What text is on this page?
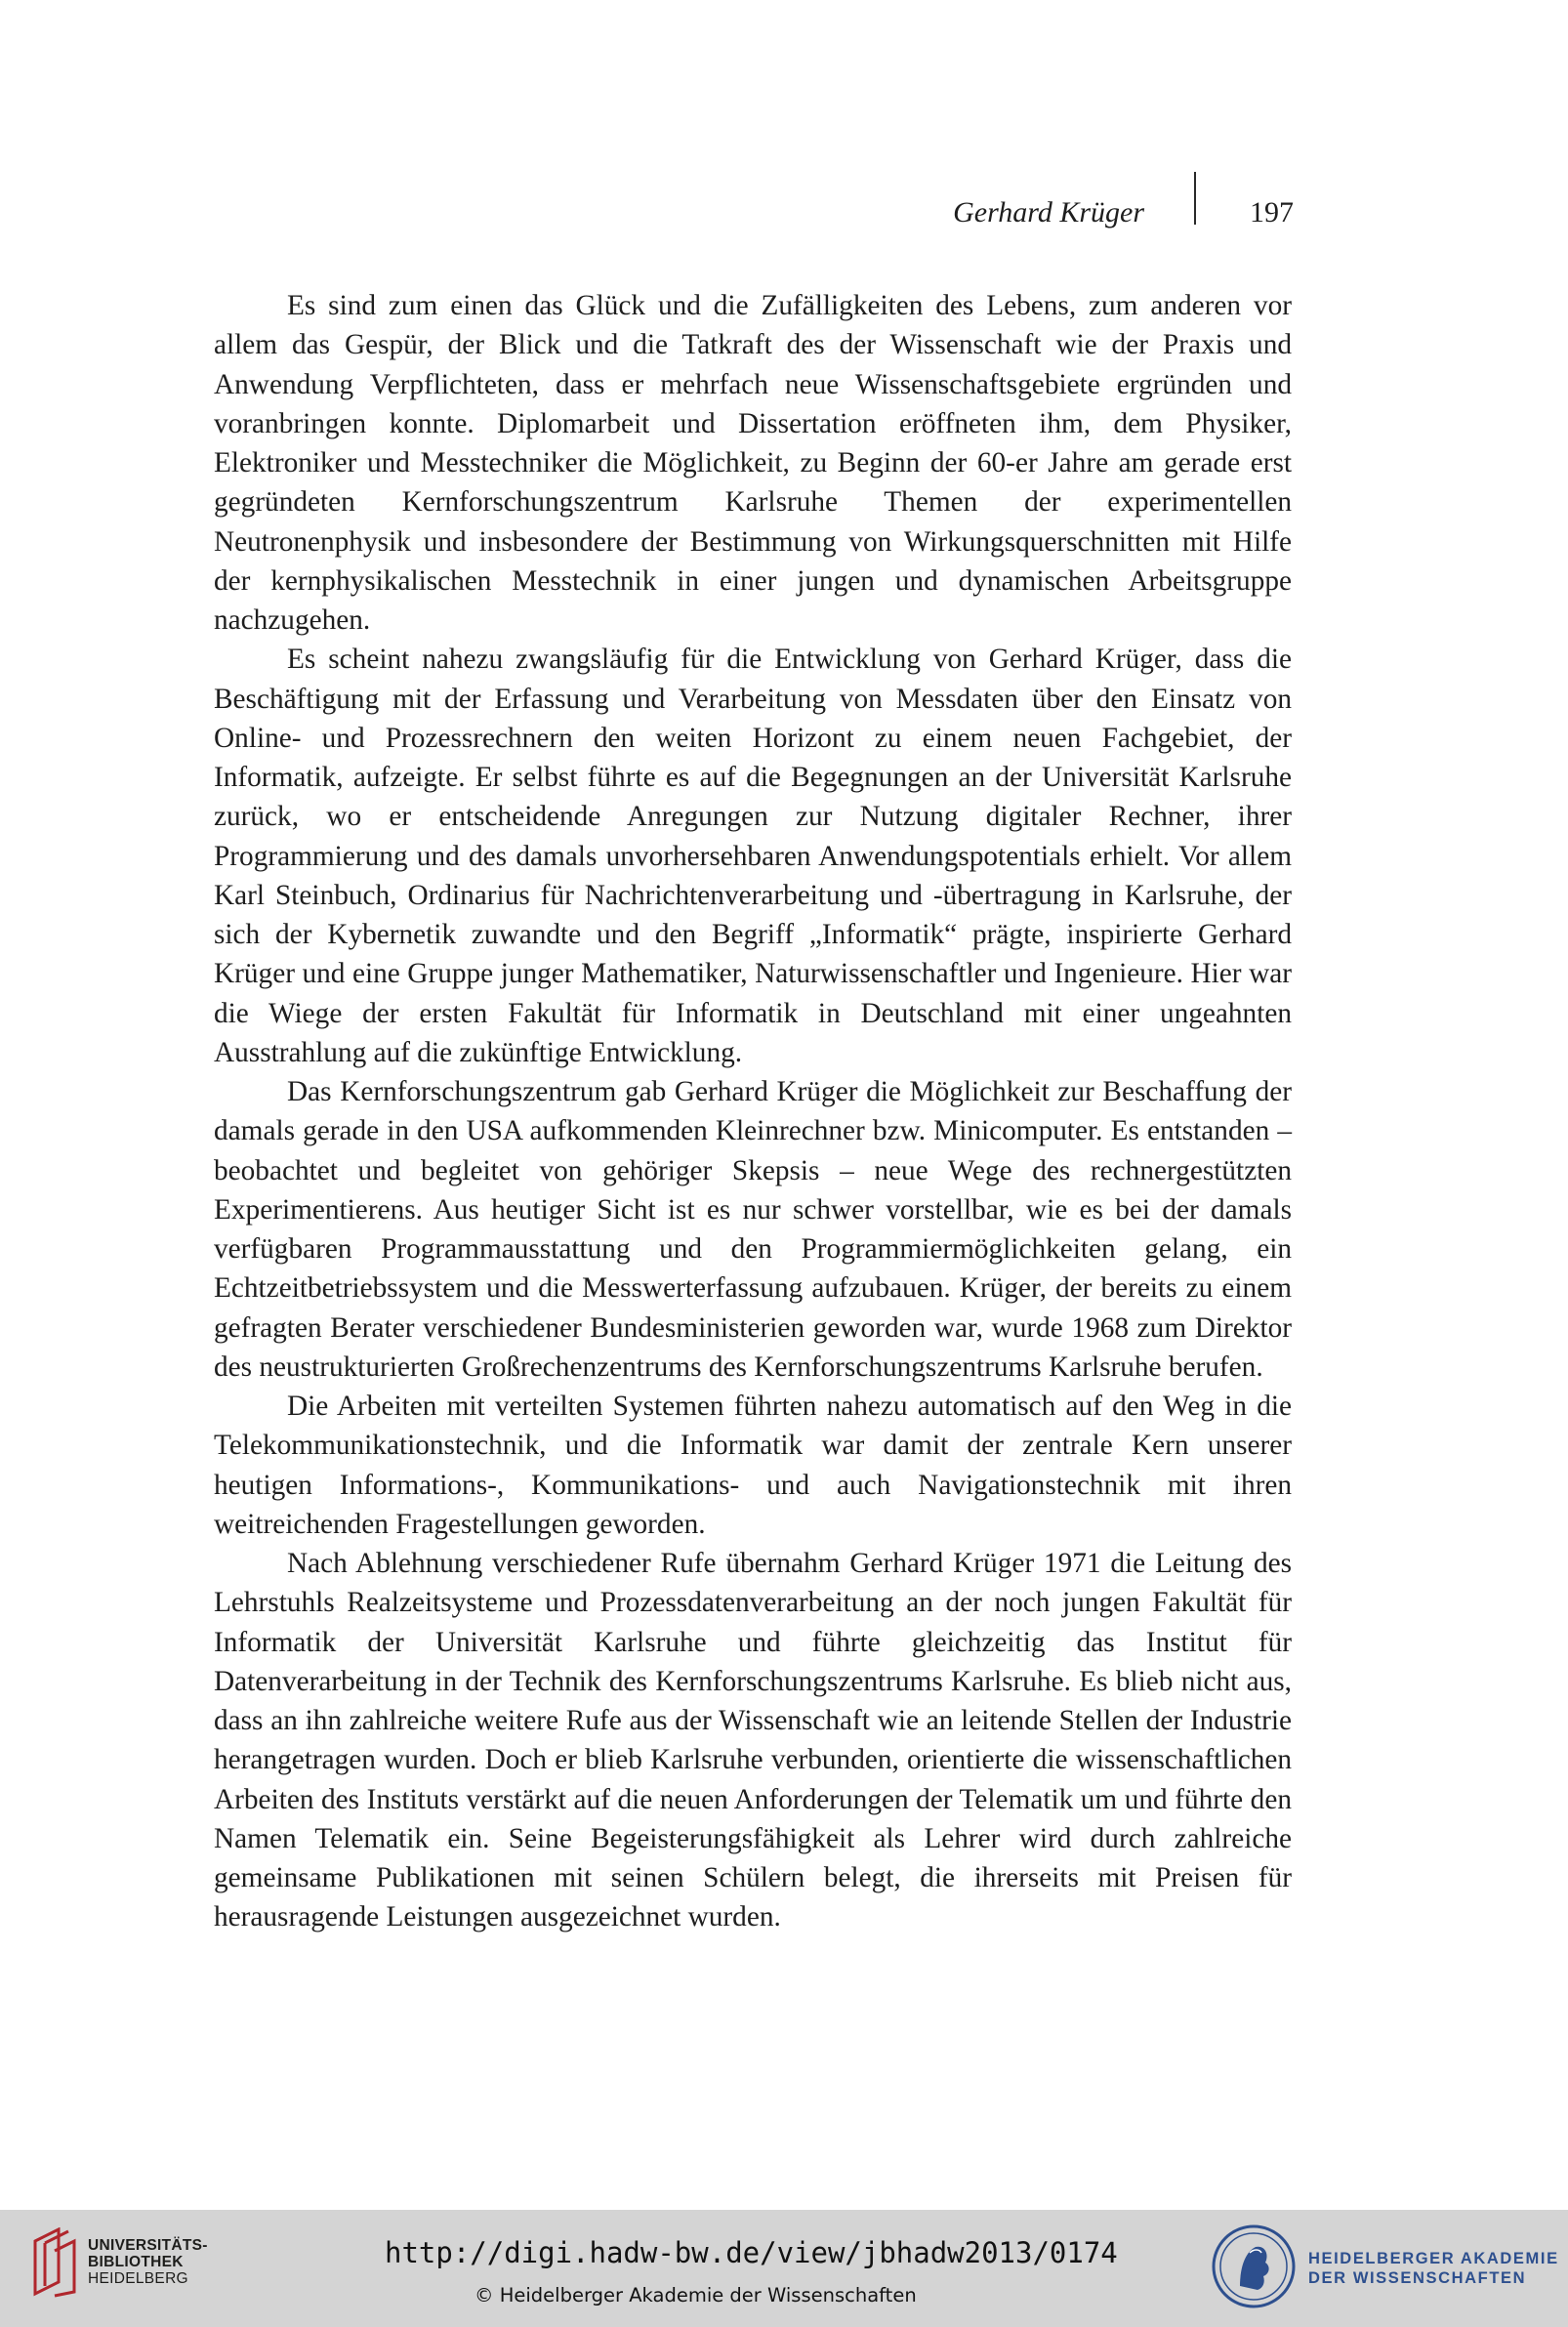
Gerhard Krüger	197

Es sind zum einen das Glück und die Zufälligkeiten des Lebens, zum anderen vor allem das Gespür, der Blick und die Tatkraft des der Wissenschaft wie der Praxis und Anwendung Verpflichteten, dass er mehrfach neue Wissenschaftsgebiete ergründen und voranbringen konnte. Diplomarbeit und Dissertation eröffneten ihm, dem Physiker, Elektroniker und Messtechniker die Möglichkeit, zu Beginn der 60-er Jahre am gerade erst gegründeten Kernforschungszentrum Karlsruhe Themen der experimentellen Neutronenphysik und insbesondere der Bestimmung von Wirkungsquerschnitten mit Hilfe der kernphysikalischen Messtechnik in einer jungen und dynamischen Arbeitsgruppe nachzugehen.

Es scheint nahezu zwangsläufig für die Entwicklung von Gerhard Krüger, dass die Beschäftigung mit der Erfassung und Verarbeitung von Messdaten über den Einsatz von Online- und Prozessrechnern den weiten Horizont zu einem neuen Fachgebiet, der Informatik, aufzeigte. Er selbst führte es auf die Begegnungen an der Universität Karlsruhe zurück, wo er entscheidende Anregungen zur Nutzung digitaler Rechner, ihrer Programmierung und des damals unvorhersehbaren Anwendungspotentials erhielt. Vor allem Karl Steinbuch, Ordinarius für Nachrichtenverarbeitung und -übertragung in Karlsruhe, der sich der Kybernetik zuwandte und den Begriff „Informatik“ prägte, inspirierte Gerhard Krüger und eine Gruppe junger Mathematiker, Naturwissenschaftler und Ingenieure. Hier war die Wiege der ersten Fakultät für Informatik in Deutschland mit einer ungeahnten Ausstrahlung auf die zukünftige Entwicklung.

Das Kernforschungszentrum gab Gerhard Krüger die Möglichkeit zur Beschaffung der damals gerade in den USA aufkommenden Kleinrechner bzw. Minicomputer. Es entstanden – beobachtet und begleitet von gehöriger Skepsis – neue Wege des rechnergestützten Experimentierens. Aus heutiger Sicht ist es nur schwer vorstellbar, wie es bei der damals verfügbaren Programmausstattung und den Programmiermöglichkeiten gelang, ein Echtzeitbetriebssystem und die Messwerterfassung aufzubauen. Krüger, der bereits zu einem gefragten Berater verschiedener Bundesministerien geworden war, wurde 1968 zum Direktor des neustrukturierten Großrechenzentrums des Kernforschungszentrums Karlsruhe berufen.

Die Arbeiten mit verteilten Systemen führten nahezu automatisch auf den Weg in die Telekommunikationstechnik, und die Informatik war damit der zentrale Kern unserer heutigen Informations-, Kommunikations- und auch Navigationstechnik mit ihren weitreichenden Fragestellungen geworden.

Nach Ablehnung verschiedener Rufe übernahm Gerhard Krüger 1971 die Leitung des Lehrstuhls Realzeitsysteme und Prozessdatenverarbeitung an der noch jungen Fakultät für Informatik der Universität Karlsruhe und führte gleichzeitig das Institut für Datenverarbeitung in der Technik des Kernforschungszentrums Karlsruhe. Es blieb nicht aus, dass an ihn zahlreiche weitere Rufe aus der Wissenschaft wie an leitende Stellen der Industrie herangetragen wurden. Doch er blieb Karlsruhe verbunden, orientierte die wissenschaftlichen Arbeiten des Instituts verstärkt auf die neuen Anforderungen der Telematik um und führte den Namen Telematik ein. Seine Begeisterungsfähigkeit als Lehrer wird durch zahlreiche gemeinsame Publikationen mit seinen Schülern belegt, die ihrerseits mit Preisen für herausragende Leistungen ausgezeichnet wurden.

UNIVERSITÄTS-
BIBLIOTHEK
HEIDELBERG
http://digi.hadw-bw.de/view/jbhadw2013/0174
© Heidelberger Akademie der Wissenschaften
HEIDELBERGER AKADEMIE
DER WISSENSCHAFTEN
